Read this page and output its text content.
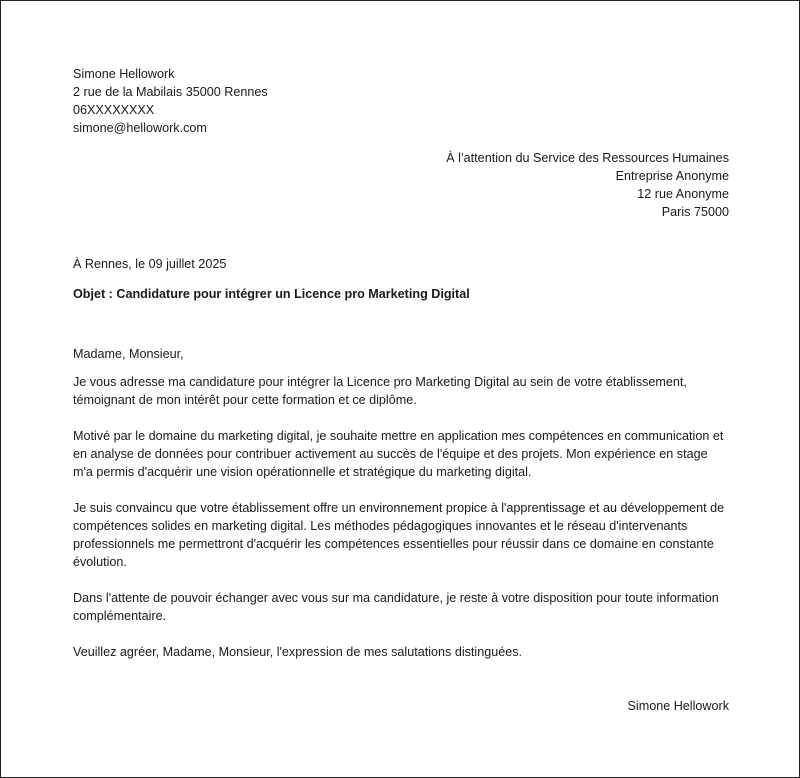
Simone Hellowork
2 rue de la Mabilais 35000 Rennes
06XXXXXXXX
simone@hellowork.com
À l’attention du Service des Ressources Humaines
Entreprise Anonyme
12 rue Anonyme
Paris 75000
À Rennes, le 09 juillet 2025
Objet : Candidature pour intégrer un Licence pro Marketing Digital
Madame, Monsieur,

Je vous adresse ma candidature pour intégrer la Licence pro Marketing Digital au sein de votre établissement, témoignant de mon intérêt pour cette formation et ce diplôme.

Motivé par le domaine du marketing digital, je souhaite mettre en application mes compétences en communication et en analyse de données pour contribuer activement au succès de l'équipe et des projets. Mon expérience en stage m'a permis d'acquérir une vision opérationnelle et stratégique du marketing digital.

Je suis convaincu que votre établissement offre un environnement propice à l'apprentissage et au développement de compétences solides en marketing digital. Les méthodes pédagogiques innovantes et le réseau d'intervenants professionnels me permettront d'acquérir les compétences essentielles pour réussir dans ce domaine en constante évolution.

Dans l'attente de pouvoir échanger avec vous sur ma candidature, je reste à votre disposition pour toute information complémentaire.

Veuillez agréer, Madame, Monsieur, l'expression de mes salutations distinguées.

Simone Hellowork
